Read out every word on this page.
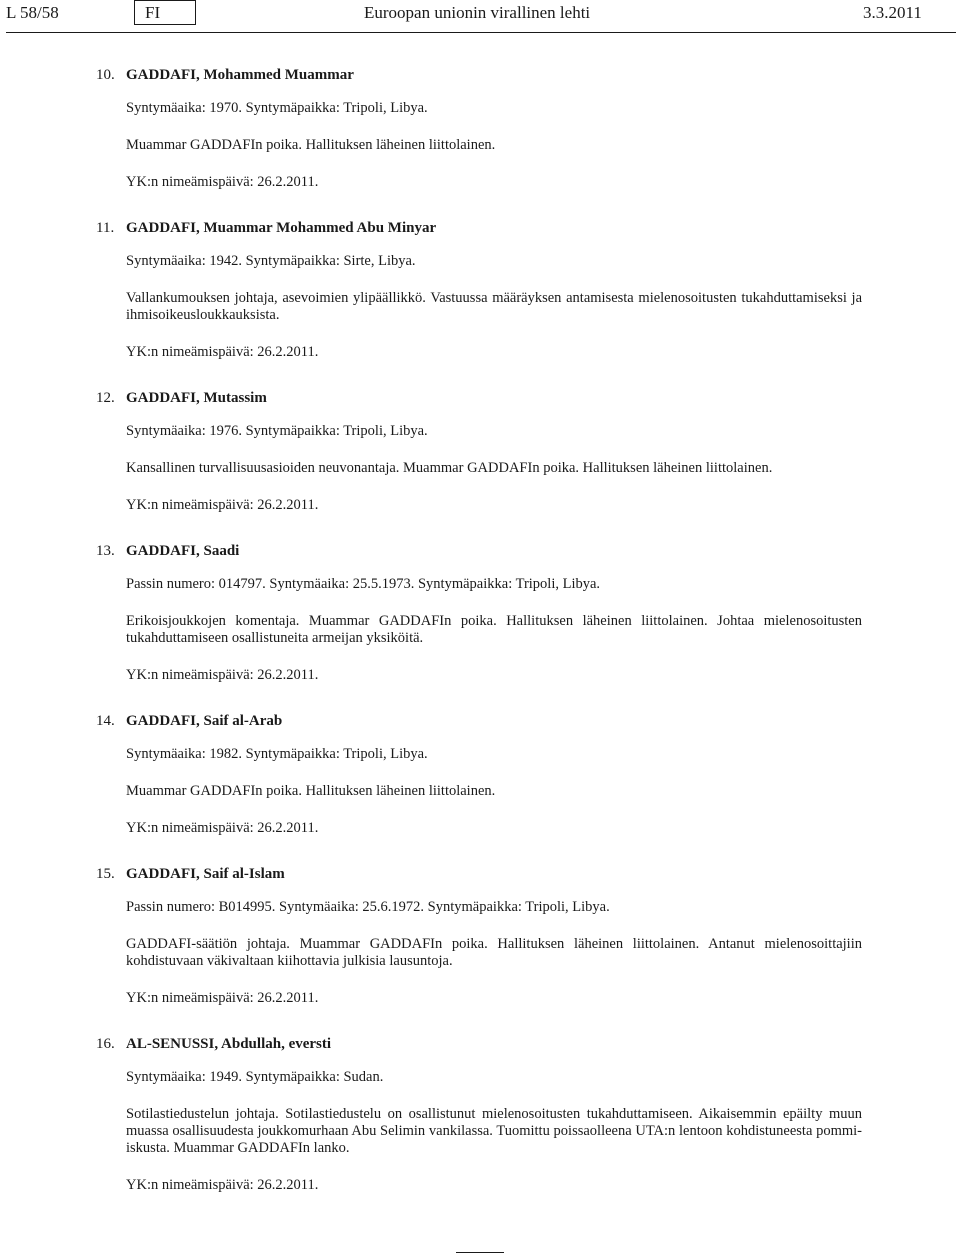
L 58/58	FI	Euroopan unionin virallinen lehti	3.3.2011
10. GADDAFI, Mohammed Muammar
Syntymäaika: 1970. Syntymäpaikka: Tripoli, Libya.
Muammar GADDAFIn poika. Hallituksen läheinen liittolainen.
YK:n nimeämispäivä: 26.2.2011.
11. GADDAFI, Muammar Mohammed Abu Minyar
Syntymäaika: 1942. Syntymäpaikka: Sirte, Libya.
Vallankumouksen johtaja, asevoimien ylipäällikkö. Vastuussa määräyksen antamisesta mielenosoitusten tukahduttamiseksi ja ihmisoikeusloukkauksista.
YK:n nimeämispäivä: 26.2.2011.
12. GADDAFI, Mutassim
Syntymäaika: 1976. Syntymäpaikka: Tripoli, Libya.
Kansallinen turvallisuusasioiden neuvonantaja. Muammar GADDAFIn poika. Hallituksen läheinen liittolainen.
YK:n nimeämispäivä: 26.2.2011.
13. GADDAFI, Saadi
Passin numero: 014797. Syntymäaika: 25.5.1973. Syntymäpaikka: Tripoli, Libya.
Erikoisjoukkojen komentaja. Muammar GADDAFIn poika. Hallituksen läheinen liittolainen. Johtaa mielenosoitusten tukahduttamiseen osallistuneita armeijan yksiköitä.
YK:n nimeämispäivä: 26.2.2011.
14. GADDAFI, Saif al-Arab
Syntymäaika: 1982. Syntymäpaikka: Tripoli, Libya.
Muammar GADDAFIn poika. Hallituksen läheinen liittolainen.
YK:n nimeämispäivä: 26.2.2011.
15. GADDAFI, Saif al-Islam
Passin numero: B014995. Syntymäaika: 25.6.1972. Syntymäpaikka: Tripoli, Libya.
GADDAFI-säätiön johtaja. Muammar GADDAFIn poika. Hallituksen läheinen liittolainen. Antanut mielenosoittajiin kohdistuvaan väkivaltaan kiihottavia julkisia lausuntoja.
YK:n nimeämispäivä: 26.2.2011.
16. AL-SENUSSI, Abdullah, eversti
Syntymäaika: 1949. Syntymäpaikka: Sudan.
Sotilastiedustelun johtaja. Sotilastiedustelu on osallistunut mielenosoitusten tukahduttamiseen. Aikaisemmin epäilty muun muassa osallisuudesta joukkomurhaan Abu Selimin vankilassa. Tuomittu poissaolleena UTA:n lentoon kohdistuneesta pommi-iskusta. Muammar GADDAFIn lanko.
YK:n nimeämispäivä: 26.2.2011.
